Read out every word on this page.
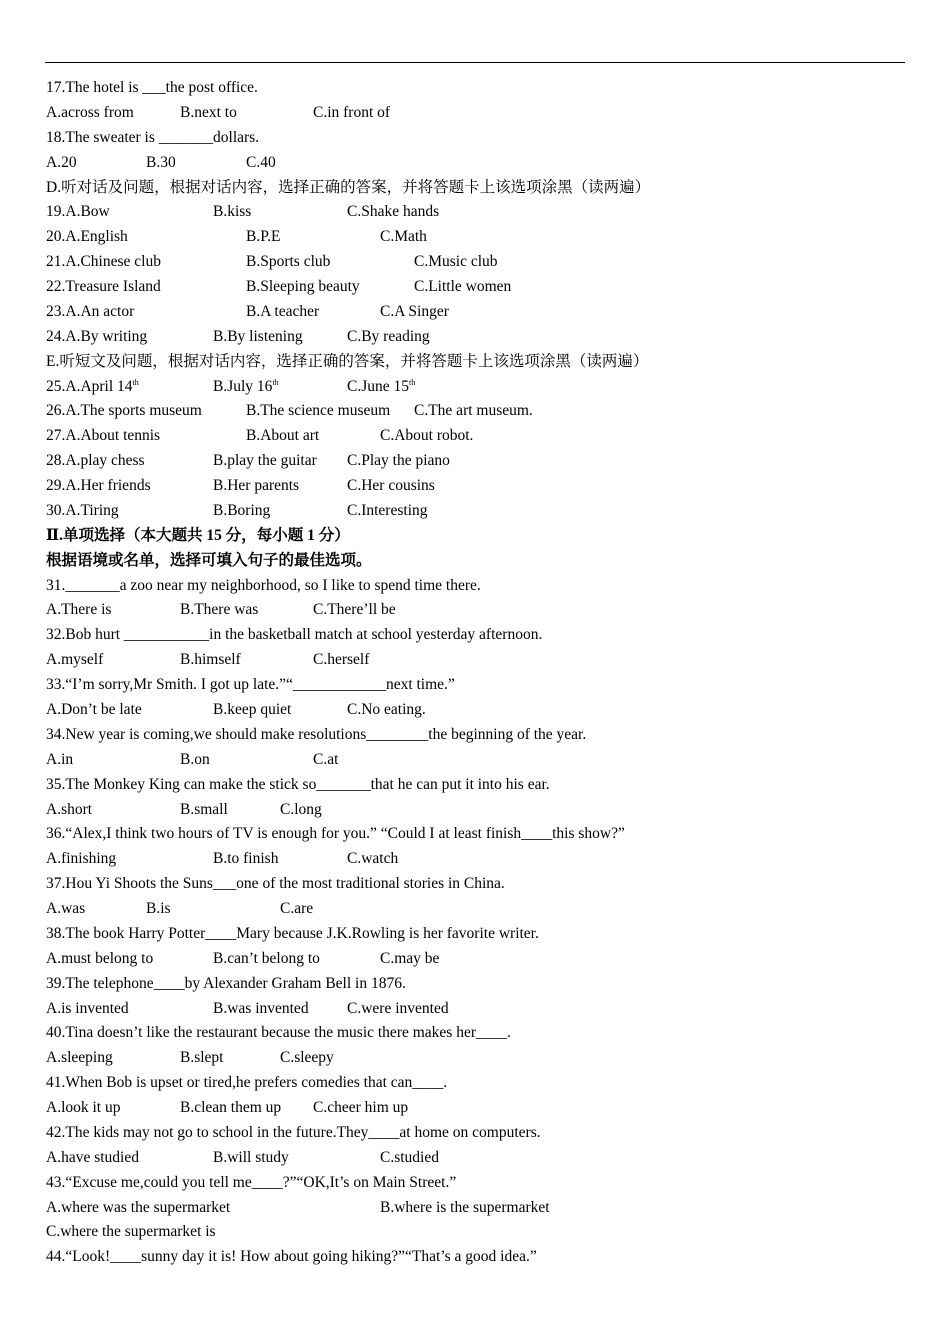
17.The hotel is ___the post office.
A.across from	B.next to	C.in front of
18.The sweater is _______dollars.
A.20	B.30	C.40
D.听对话及问题，根据对话内容，选择正确的答案，并将答题卡上该选项涂黑（读两遍）
19.A.Bow	B.kiss	C.Shake hands
20.A.English	B.P.E	C.Math
21.A.Chinese club	B.Sports club	C.Music club
22.Treasure Island	B.Sleeping beauty	C.Little women
23.A.An actor	B.A teacher	C.A Singer
24.A.By writing	B.By listening	C.By reading
E.听短文及问题，根据对话内容，选择正确的答案，并将答题卡上该选项涂黑（读两遍）
25.A.April 14th	B.July 16th	C.June 15th
26.A.The sports museum	B.The science museum C.The art museum.
27.A.About tennis	B.About art	C.About robot.
28.A.play chess	B.play the guitar C.Play the piano
29.A.Her friends	B.Her parents	C.Her cousins
30.A.Tiring	B.Boring	C.Interesting
Ⅱ.单项选择（本大题共 15 分，每小题 1 分）
根据语境或名单，选择可填入句子的最佳选项。
31._______a zoo near my neighborhood, so I like to spend time there.
A.There is	B.There was	C.There’ll be
32.Bob hurt ___________in the basketball match at school yesterday afternoon.
A.myself	B.himself	C.herself
33.“I’m sorry,Mr Smith. I got up late.”“____________next time.”
A.Don’t be late	B.keep quiet	C.No eating.
34.New year is coming,we should make resolutions________the beginning of the year.
A.in	B.on	C.at
35.The Monkey King can make the stick so_______that he can put it into his ear.
A.short	B.small	C.long
36.“Alex,I think two hours of TV is enough for you.” “Could I at least finish____this show?”
A.finishing	B.to finish	C.watch
37.Hou Yi Shoots the Suns___one of the most traditional stories in China.
A.was	B.is	C.are
38.The book Harry Potter____Mary because J.K.Rowling is her favorite writer.
A.must belong to	B.can’t belong to	C.may be
39.The telephone____by Alexander Graham Bell in 1876.
A.is invented	B.was invented C.were invented
40.Tina doesn’t like the restaurant because the music there makes her____.
A.sleeping	B.slept	C.sleepy
41.When Bob is upset or tired,he prefers comedies that can____.
A.look it up	B.clean them up C.cheer him up
42.The kids may not go to school in the future.They____at home on computers.
A.have studied	B.will study	C.studied
43.“Excuse me,could you tell me____?”“OK,It’s on Main Street.”
A.where was the supermarket	B.where is the supermarket
C.where the supermarket is
44.“Look!____sunny day it is! How about going hiking?”“That’s a good idea.”
